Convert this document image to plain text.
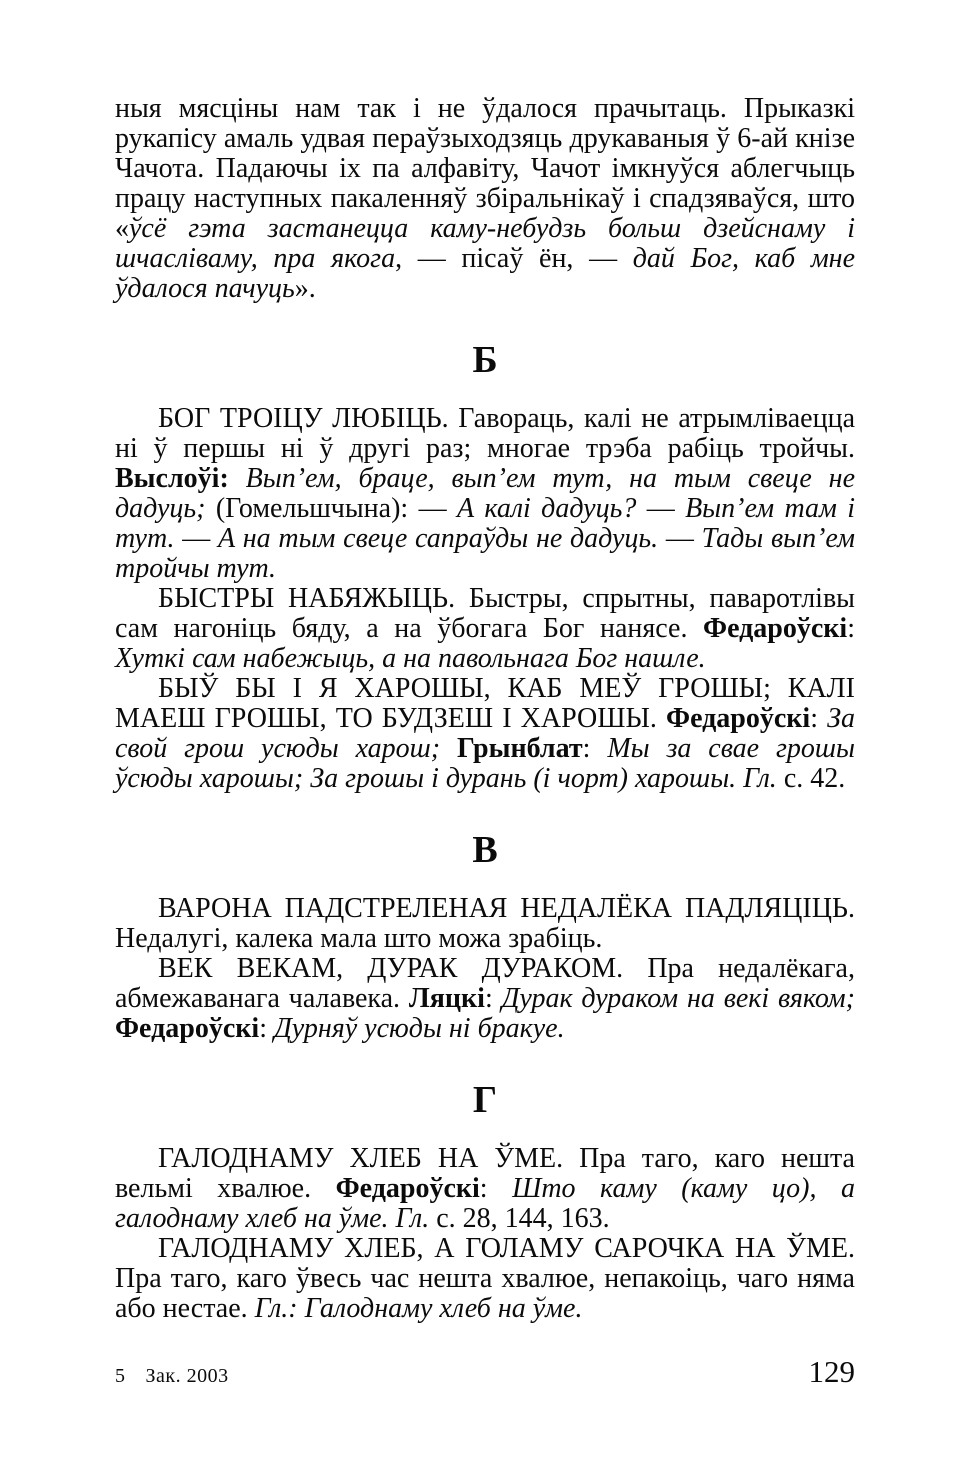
ныя мясціны нам так і не ўдалося прачытаць. Прыказкі рукапісу амаль удвая пераўзыходзяць друкаваныя ў 6-ай кнізе Чачота. Падаючы іх па алфавіту, Чачот імкнуўся аблегчыць працу наступных пакаленняў збіральнікаў і спадзяваўся, што «ўсё гэта застанецца каму-небудзь больш дзейснаму і шчасліваму, пра якога, — пісаў ён, — дай Бог, каб мне ўдалося пачуць».

Б

БОГ ТРОІЦУ ЛЮБІЦЬ. Гавораць, калі не атрымліваецца ні ў першы ні ў другі раз; многае трэба рабіць тройчы. Выслоўі: Вып’ем, браце, вып’ем тут, на тым свеце не дадуць; (Гомельшчына): — А калі дадуць? — Вып’ем там і тут. — А на тым свеце сапраўды не дадуць. — Тады вып’ем тройчы тут.

БЫСТРЫ НАБЯЖЫЦЬ. Быстры, спрытны, паваротлівы сам нагоніць бяду, а на ўбогага Бог нанясе. Федароўскі: Хуткі сам набежыць, а на павольнага Бог нашле.

БЫЎ БЫ І Я ХАРОШЫ, КАБ МЕЎ ГРОШЫ; КАЛІ МАЕШ ГРОШЫ, ТО БУДЗЕШ І ХАРОШЫ. Федароўскі: За свой грош усюды харош; Грынблат: Мы за свае грошы ўсюды харошы; За грошы і дурань (і чорт) харошы. Гл. с. 42.

В

ВАРОНА ПАДСТРЕЛЕНАЯ НЕДАЛЁКА ПАДЛЯЦІЦЬ. Недалугі, калека мала што можа зрабіць.

ВЕК ВЕКАМ, ДУРАК ДУРАКОМ. Пра недалёкага, абмежаванага чалавека. Ляцкі: Дурак дураком на векі вяком; Федароўскі: Дурняў усюды ні бракуе.

Г

ГАЛОДНАМУ ХЛЕБ НА ЎМЕ. Пра таго, каго нешта вельмі хвалюе. Федароўскі: Што каму (каму цо), а галоднаму хлеб на ўме. Гл. с. 28, 144, 163.

ГАЛОДНАМУ ХЛЕБ, А ГОЛАМУ САРОЧКА НА ЎМЕ. Пра таго, каго ўвесь час нешта хвалюе, непакоіць, чаго няма або нестае. Гл.: Галоднаму хлеб на ўме.

5 Зак. 2003	129
